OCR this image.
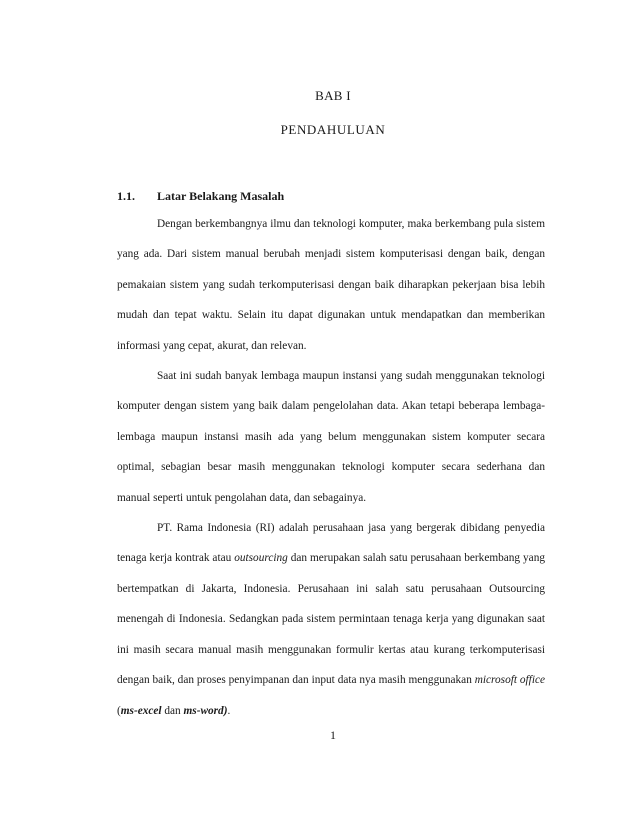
BAB I
PENDAHULUAN
1.1. Latar Belakang Masalah

Dengan berkembangnya ilmu dan teknologi komputer, maka berkembang pula sistem yang ada. Dari sistem manual berubah menjadi sistem komputerisasi dengan baik, dengan pemakaian sistem yang sudah terkomputerisasi dengan baik diharapkan pekerjaan bisa lebih mudah dan tepat waktu. Selain itu dapat digunakan untuk mendapatkan dan memberikan informasi yang cepat, akurat, dan relevan.

Saat ini sudah banyak lembaga maupun instansi yang sudah menggunakan teknologi komputer dengan sistem yang baik dalam pengelolahan data. Akan tetapi beberapa lembaga-lembaga maupun instansi masih ada yang belum menggunakan sistem komputer secara optimal, sebagian besar masih menggunakan teknologi komputer secara sederhana dan manual seperti untuk pengolahan data, dan sebagainya.

PT. Rama Indonesia (RI) adalah perusahaan jasa yang bergerak dibidang penyedia tenaga kerja kontrak atau outsourcing dan merupakan salah satu perusahaan berkembang yang bertempatkan di Jakarta, Indonesia. Perusahaan ini salah satu perusahaan Outsourcing menengah di Indonesia. Sedangkan pada sistem permintaan tenaga kerja yang digunakan saat ini masih secara manual masih menggunakan formulir kertas atau kurang terkomputerisasi dengan baik, dan proses penyimpanan dan input data nya masih menggunakan microsoft office (ms-excel dan ms-word).

1
